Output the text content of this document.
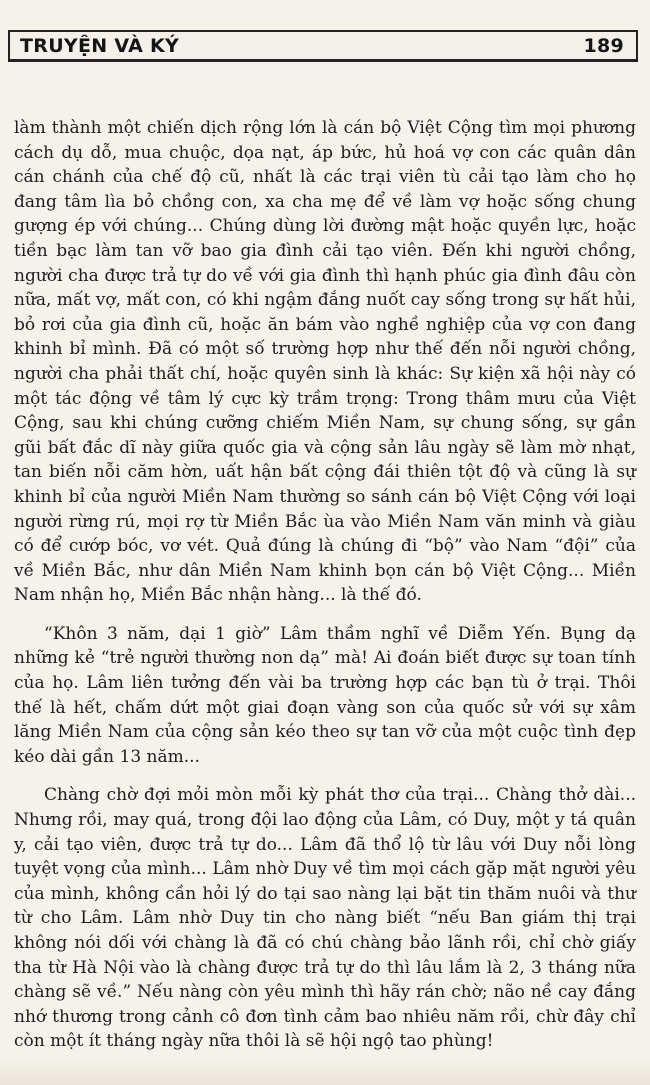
TRUYỆN VÀ KÝ	189

làm thành một chiến dịch rộng lớn là cán bộ Việt Cộng tìm mọi phương cách dụ dỗ, mua chuộc, dọa nạt, áp bức, hủ hoá vợ con các quân dân cán chánh của chế độ cũ, nhất là các trại viên tù cải tạo làm cho họ đang tâm lìa bỏ chồng con, xa cha mẹ để về làm vợ hoặc sống chung gượng ép với chúng... Chúng dùng lời đường mật hoặc quyền lực, hoặc tiền bạc làm tan vỡ bao gia đình cải tạo viên. Đến khi người chồng, người cha được trả tự do về với gia đình thì hạnh phúc gia đình đâu còn nữa, mất vợ, mất con, có khi ngậm đắng nuốt cay sống trong sự hất hủi, bỏ rơi của gia đình cũ, hoặc ăn bám vào nghề nghiệp của vợ con đang khinh bỉ mình. Đã có một số trường hợp như thế đến nỗi người chồng, người cha phải thất chí, hoặc quyên sinh là khác: Sự kiện xã hội này có một tác động về tâm lý cực kỳ trầm trọng: Trong thâm mưu của Việt Cộng, sau khi chúng cưỡng chiếm Miền Nam, sự chung sống, sự gần gũi bất đắc dĩ này giữa quốc gia và cộng sản lâu ngày sẽ làm mờ nhạt, tan biến nỗi căm hờn, uất hận bất cộng đái thiên tột độ và cũng là sự khinh bỉ của người Miền Nam thường so sánh cán bộ Việt Cộng với loại người rừng rú, mọi rợ từ Miền Bắc ùa vào Miền Nam văn minh và giàu có để cướp bóc, vơ vét. Quả đúng là chúng đi “bộ” vào Nam “đội” của về Miền Bắc, như dân Miền Nam khinh bọn cán bộ Việt Cộng... Miền Nam nhận họ, Miền Bắc nhận hàng... là thế đó.

“Khôn 3 năm, dại 1 giờ” Lâm thầm nghĩ về Diễm Yến. Bụng dạ những kẻ “trẻ người thường non dạ” mà! Ai đoán biết được sự toan tính của họ. Lâm liên tưởng đến vài ba trường hợp các bạn tù ở trại. Thôi thế là hết, chấm dứt một giai đoạn vàng son của quốc sử với sự xâm lăng Miền Nam của cộng sản kéo theo sự tan vỡ của một cuộc tình đẹp kéo dài gần 13 năm...

Chàng chờ đợi mỏi mòn mỗi kỳ phát thơ của trại... Chàng thở dài... Nhưng rồi, may quá, trong đội lao động của Lâm, có Duy, một y tá quân y, cải tạo viên, được trả tự do... Lâm đã thổ lộ từ lâu với Duy nỗi lòng tuyệt vọng của mình... Lâm nhờ Duy về tìm mọi cách gặp mặt người yêu của mình, không cần hỏi lý do tại sao nàng lại bặt tin thăm nuôi và thư từ cho Lâm. Lâm nhờ Duy tin cho nàng biết “nếu Ban giám thị trại không nói dối với chàng là đã có chú chàng bảo lãnh rồi, chỉ chờ giấy tha từ Hà Nội vào là chàng được trả tự do thì lâu lắm là 2, 3 tháng nữa chàng sẽ về.” Nếu nàng còn yêu mình thì hãy rán chờ; não nề cay đắng nhớ thương trong cảnh cô đơn tình cảm bao nhiêu năm rồi, chừ đây chỉ còn một ít tháng ngày nữa thôi là sẽ hội ngộ tao phùng!
